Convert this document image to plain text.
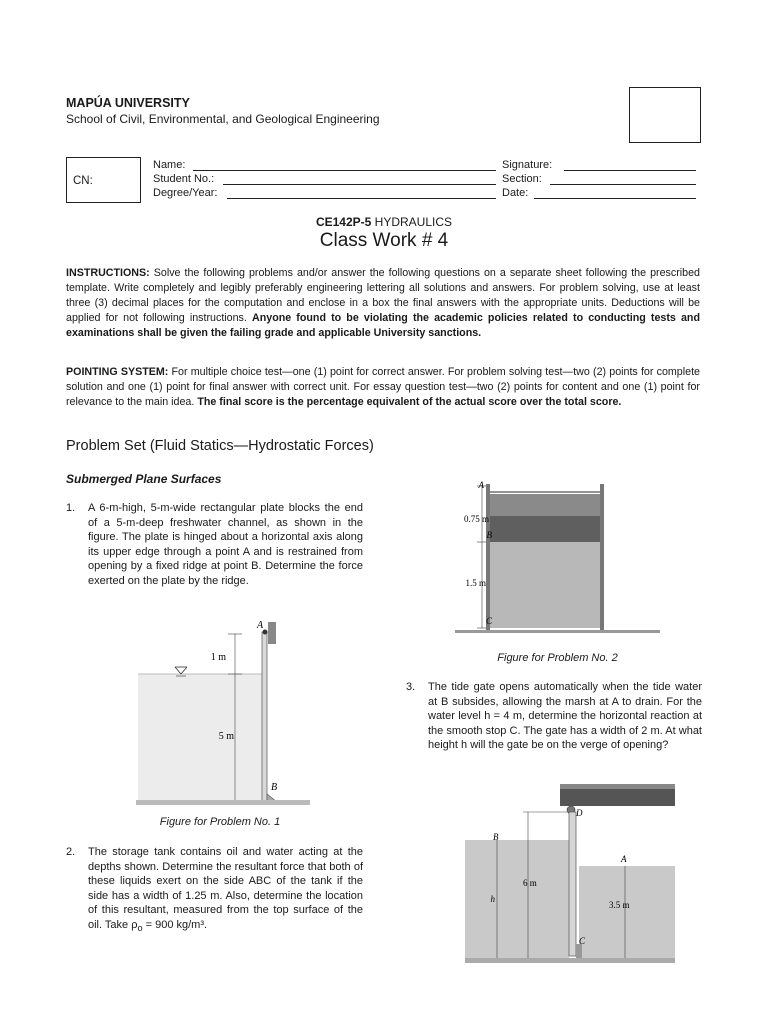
MAPÚA UNIVERSITY
School of Civil, Environmental, and Geological Engineering
CN:
Name:
Student No.:
Degree/Year:
Signature:
Section:
Date:
CE142P-5 HYDRAULICS
Class Work # 4
INSTRUCTIONS: Solve the following problems and/or answer the following questions on a separate sheet following the prescribed template. Write completely and legibly preferably engineering lettering all solutions and answers. For problem solving, use at least three (3) decimal places for the computation and enclose in a box the final answers with the appropriate units. Deductions will be applied for not following instructions. Anyone found to be violating the academic policies related to conducting tests and examinations shall be given the failing grade and applicable University sanctions.
POINTING SYSTEM: For multiple choice test—one (1) point for correct answer. For problem solving test—two (2) points for complete solution and one (1) point for final answer with correct unit. For essay question test—two (2) points for content and one (1) point for relevance to the main idea. The final score is the percentage equivalent of the actual score over the total score.
Problem Set (Fluid Statics—Hydrostatic Forces)
Submerged Plane Surfaces
1. A 6-m-high, 5-m-wide rectangular plate blocks the end of a 5-m-deep freshwater channel, as shown in the figure. The plate is hinged about a horizontal axis along its upper edge through a point A and is restrained from opening by a fixed ridge at point B. Determine the force exerted on the plate by the ridge.
1 m
5 m
A
B
Figure for Problem No. 1
2. The storage tank contains oil and water acting at the depths shown. Determine the resultant force that both of these liquids exert on the side ABC of the tank if the side has a width of 1.25 m. Also, determine the location of this resultant, measured from the top surface of the oil. Take $\rho_o = 900$ kg/m³.
A
B
C
0.75 m
1.5 m
Figure for Problem No. 2
3. The tide gate opens automatically when the tide water at B subsides, allowing the marsh at A to drain. For the water level h = 4 m, determine the horizontal reaction at the smooth stop C. The gate has a width of 2 m. At what height h will the gate be on the verge of opening?
B
A
C
D
6 m
h
3.5 m
